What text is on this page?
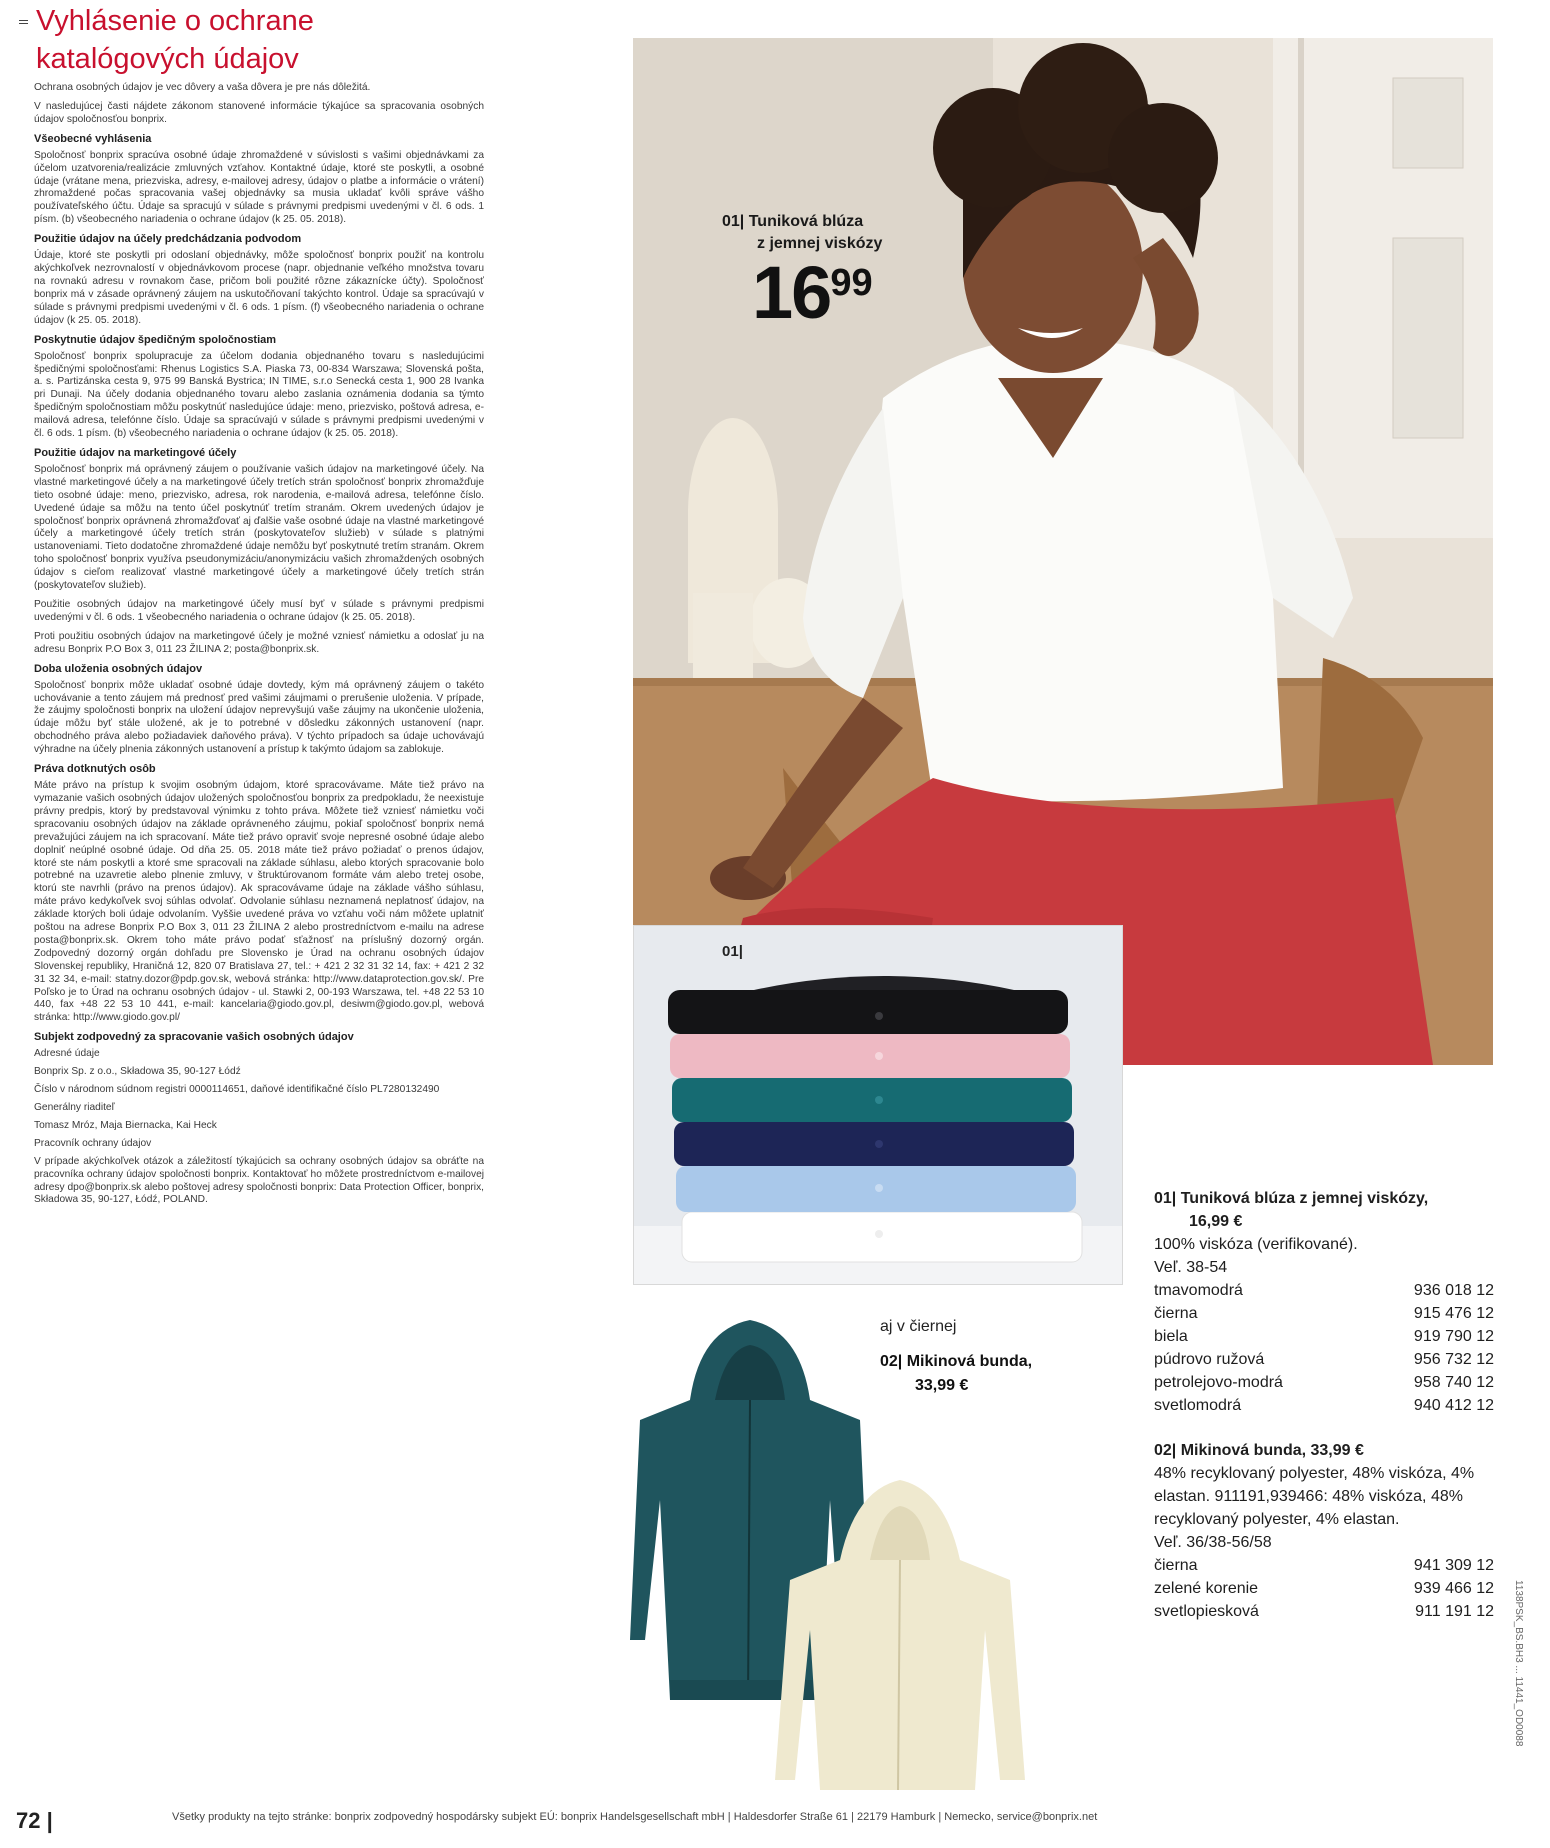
Vyhlásenie o ochrane
katalógových údajov

Ochrana osobných údajov je vec dôvery a vaša dôvera je pre nás dôležitá.

V nasledujúcej časti nájdete zákonom stanovené informácie týkajúce sa spracovania osobných údajov spoločnosťou bonprix.

Všeobecné vyhlásenia

Spoločnosť bonprix spracúva osobné údaje zhromaždené v súvislosti s vašimi objednávkami za účelom uzatvorenia/realizácie zmluvných vzťahov. Kontaktné údaje, ktoré ste poskytli, a osobné údaje (vrátane mena, priezviska, adresy, e-mailovej adresy, údajov o platbe a informácie o vrátení) zhromaždené počas spracovania vašej objednávky sa musia ukladať kvôli správe vášho používateľského účtu. Údaje sa spracujú v súlade s právnymi predpismi uvedenými v čl. 6 ods. 1 písm. (b) všeobecného nariadenia o ochrane údajov (k 25. 05. 2018).

Použitie údajov na účely predchádzania podvodom

Údaje, ktoré ste poskytli pri odoslaní objednávky, môže spoločnosť bonprix použiť na kontrolu akýchkoľvek nezrovnalostí v objednávkovom procese (napr. objednanie veľkého množstva tovaru na rovnakú adresu v rovnakom čase, pričom boli použité rôzne zákaznícke účty). Spoločnosť bonprix má v zásade oprávnený záujem na uskutočňovaní takýchto kontrol. Údaje sa spracúvajú v súlade s právnymi predpismi uvedenými v čl. 6 ods. 1 písm. (f) všeobecného nariadenia o ochrane údajov (k 25. 05. 2018).

Poskytnutie údajov špedičným spoločnostiam

Spoločnosť bonprix spolupracuje za účelom dodania objednaného tovaru s nasledujúcimi špedičnými spoločnosťami: Rhenus Logistics S.A. Piaska 73, 00-834 Warszawa; Slovenská pošta, a. s. Partizánska cesta 9, 975 99 Banská Bystrica; IN TIME, s.r.o Senecká cesta 1, 900 28 Ivanka pri Dunaji. Na účely dodania objednaného tovaru alebo zaslania oznámenia dodania sa týmto špedičným spoločnostiam môžu poskytnúť nasledujúce údaje: meno, priezvisko, poštová adresa, e-mailová adresa, telefónne číslo. Údaje sa spracúvajú v súlade s právnymi predpismi uvedenými v čl. 6 ods. 1 písm. (b) všeobecného nariadenia o ochrane údajov (k 25. 05. 2018).

Použitie údajov na marketingové účely

Spoločnosť bonprix má oprávnený záujem o používanie vašich údajov na marketingové účely. Na vlastné marketingové účely a na marketingové účely tretích strán spoločnosť bonprix zhromažďuje tieto osobné údaje: meno, priezvisko, adresa, rok narodenia, e-mailová adresa, telefónne číslo. Uvedené údaje sa môžu na tento účel poskytnúť tretím stranám. Okrem uvedených údajov je spoločnosť bonprix oprávnená zhromažďovať aj ďalšie vaše osobné údaje na vlastné marketingové účely a marketingové účely tretích strán (poskytovateľov služieb) v súlade s platnými ustanoveniami. Tieto dodatočne zhromaždené údaje nemôžu byť poskytnuté tretím stranám. Okrem toho spoločnosť bonprix využíva pseudonymizáciu/anonymizáciu vašich zhromaždených osobných údajov s cieľom realizovať vlastné marketingové účely a marketingové účely tretích strán (poskytovateľov služieb).

Použitie osobných údajov na marketingové účely musí byť v súlade s právnymi predpismi uvedenými v čl. 6 ods. 1 všeobecného nariadenia o ochrane údajov (k 25. 05. 2018).

Proti použitiu osobných údajov na marketingové účely je možné vzniesť námietku a odoslať ju na adresu Bonprix P.O Box 3, 011 23 ŽILINA 2; posta@bonprix.sk.

Doba uloženia osobných údajov

Spoločnosť bonprix môže ukladať osobné údaje dovtedy, kým má oprávnený záujem o takéto uchovávanie a tento záujem má prednosť pred vašimi záujmami o prerušenie uloženia. V prípade, že záujmy spoločnosti bonprix na uložení údajov neprevyšujú vaše záujmy na ukončenie uloženia, údaje môžu byť stále uložené, ak je to potrebné v dôsledku zákonných ustanovení (napr. obchodného práva alebo požiadaviek daňového práva). V týchto prípadoch sa údaje uchovávajú výhradne na účely plnenia zákonných ustanovení a prístup k takýmto údajom sa zablokuje.

Práva dotknutých osôb

Máte právo na prístup k svojim osobným údajom, ktoré spracovávame. Máte tiež právo na vymazanie vašich osobných údajov uložených spoločnosťou bonprix za predpokladu, že neexistuje právny predpis, ktorý by predstavoval výnimku z tohto práva. Môžete tiež vzniesť námietku voči spracovaniu osobných údajov na základe oprávneného záujmu, pokiaľ spoločnosť bonprix nemá prevažujúci záujem na ich spracovaní. Máte tiež právo opraviť svoje nepresné osobné údaje alebo doplniť neúplné osobné údaje. Od dňa 25. 05. 2018 máte tiež právo požiadať o prenos údajov, ktoré ste nám poskytli a ktoré sme spracovali na základe súhlasu, alebo ktorých spracovanie bolo potrebné na uzavretie alebo plnenie zmluvy, v štruktúrovanom formáte vám alebo tretej osobe, ktorú ste navrhli (právo na prenos údajov). Ak spracovávame údaje na základe vášho súhlasu, máte právo kedykoľvek svoj súhlas odvolať. Odvolanie súhlasu neznamená neplatnosť údajov, na základe ktorých boli údaje odvolaním. Vyššie uvedené práva vo vzťahu voči nám môžete uplatniť poštou na adrese Bonprix P.O Box 3, 011 23 ŽILINA 2 alebo prostredníctvom e-mailu na adrese posta@bonprix.sk. Okrem toho máte právo podať sťažnosť na príslušný dozorný orgán. Zodpovedný dozorný orgán dohľadu pre Slovensko je Úrad na ochranu osobných údajov Slovenskej republiky, Hraničná 12, 820 07 Bratislava 27, tel.: + 421 2 32 31 32 14, fax: + 421 2 32 31 32 34, e-mail: statny.dozor@pdp.gov.sk, webová stránka: http://www.dataprotection.gov.sk/. Pre Poľsko je to Úrad na ochranu osobných údajov - ul. Stawki 2, 00-193 Warszawa, tel. +48 22 53 10 440, fax +48 22 53 10 441, e-mail: kancelaria@giodo.gov.pl, desiwm@giodo.gov.pl, webová stránka: http://www.giodo.gov.pl/

Subjekt zodpovedný za spracovanie vašich osobných údajov

Adresné údaje

Bonprix Sp. z o.o., Składowa 35, 90-127 Łódź

Číslo v národnom súdnom registri 0000114651, daňové identifikačné číslo PL7280132490

Generálny riaditeľ

Tomasz Mróz, Maja Biernacka, Kai Heck

Pracovník ochrany údajov

V prípade akýchkoľvek otázok a záležitostí týkajúcich sa ochrany osobných údajov sa obráťte na pracovníka ochrany údajov spoločnosti bonprix. Kontaktovať ho môžete prostredníctvom e-mailovej adresy dpo@bonprix.sk alebo poštovej adresy spoločnosti bonprix: Data Protection Officer, bonprix, Składowa 35, 90-127, Łódź, POLAND.

01| Tuniková blúza
z jemnej viskózy
$16^{99}$
01|
aj v čiernej
02| Mikinová bunda,
33,99 €
01| Tuniková blúza z jemnej viskózy,
16,99 €
100% viskóza (verifikované).
Veľ. 38-54
tmavomodrá	936 018 12
čierna	915 476 12
biela	919 790 12
púdrovo ružová	956 732 12
petrolejovo-modrá	958 740 12
svetlomodrá	940 412 12
02| Mikinová bunda, 33,99 €
48% recyklovaný polyester, 48% viskóza, 4% elastan. 911191,939466: 48% viskóza, 48% recyklovaný polyester, 4% elastan.
Veľ. 36/38-56/58
čierna	941 309 12
zelené korenie	939 466 12
svetlopiesková	911 191 12 1138PSK_BS.BH3 ... 11441_OD0088
72 |	Všetky produkty na tejto stránke: bonprix zodpovedný hospodársky subjekt EÚ: bonprix Handelsgesellschaft mbH | Haldesdorfer Straße 61 | 22179 Hamburk | Nemecko, service@bonprix.net
